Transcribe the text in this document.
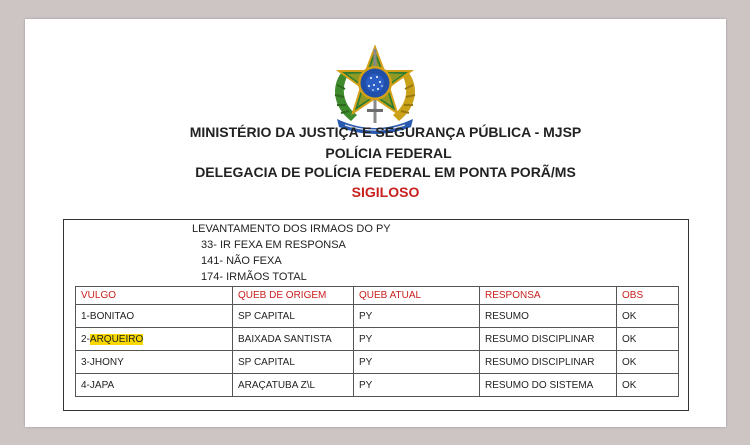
MINISTÉRIO DA JUSTIÇA E SEGURANÇA PÚBLICA - MJSP
POLÍCIA FEDERAL
DELEGACIA DE POLÍCIA FEDERAL EM PONTA PORÃ/MS
SIGILOSO
LEVANTAMENTO DOS IRMAOS DO PY
33- IR FEXA EM RESPONSA
141- NÃO FEXA
174- IRMÃOS TOTAL
VULGO	QUEB DE ORIGEM	QUEB ATUAL	RESPONSA	OBS
1-BONITAO	SP CAPITAL	PY	RESUMO	OK
2-ARQUEIRO	BAIXADA SANTISTA	PY	RESUMO DISCIPLINAR	OK
3-JHONY	SP CAPITAL	PY	RESUMO DISCIPLINAR	OK
4-JAPA	ARAÇATUBA Z\L	PY	RESUMO DO SISTEMA	OK
